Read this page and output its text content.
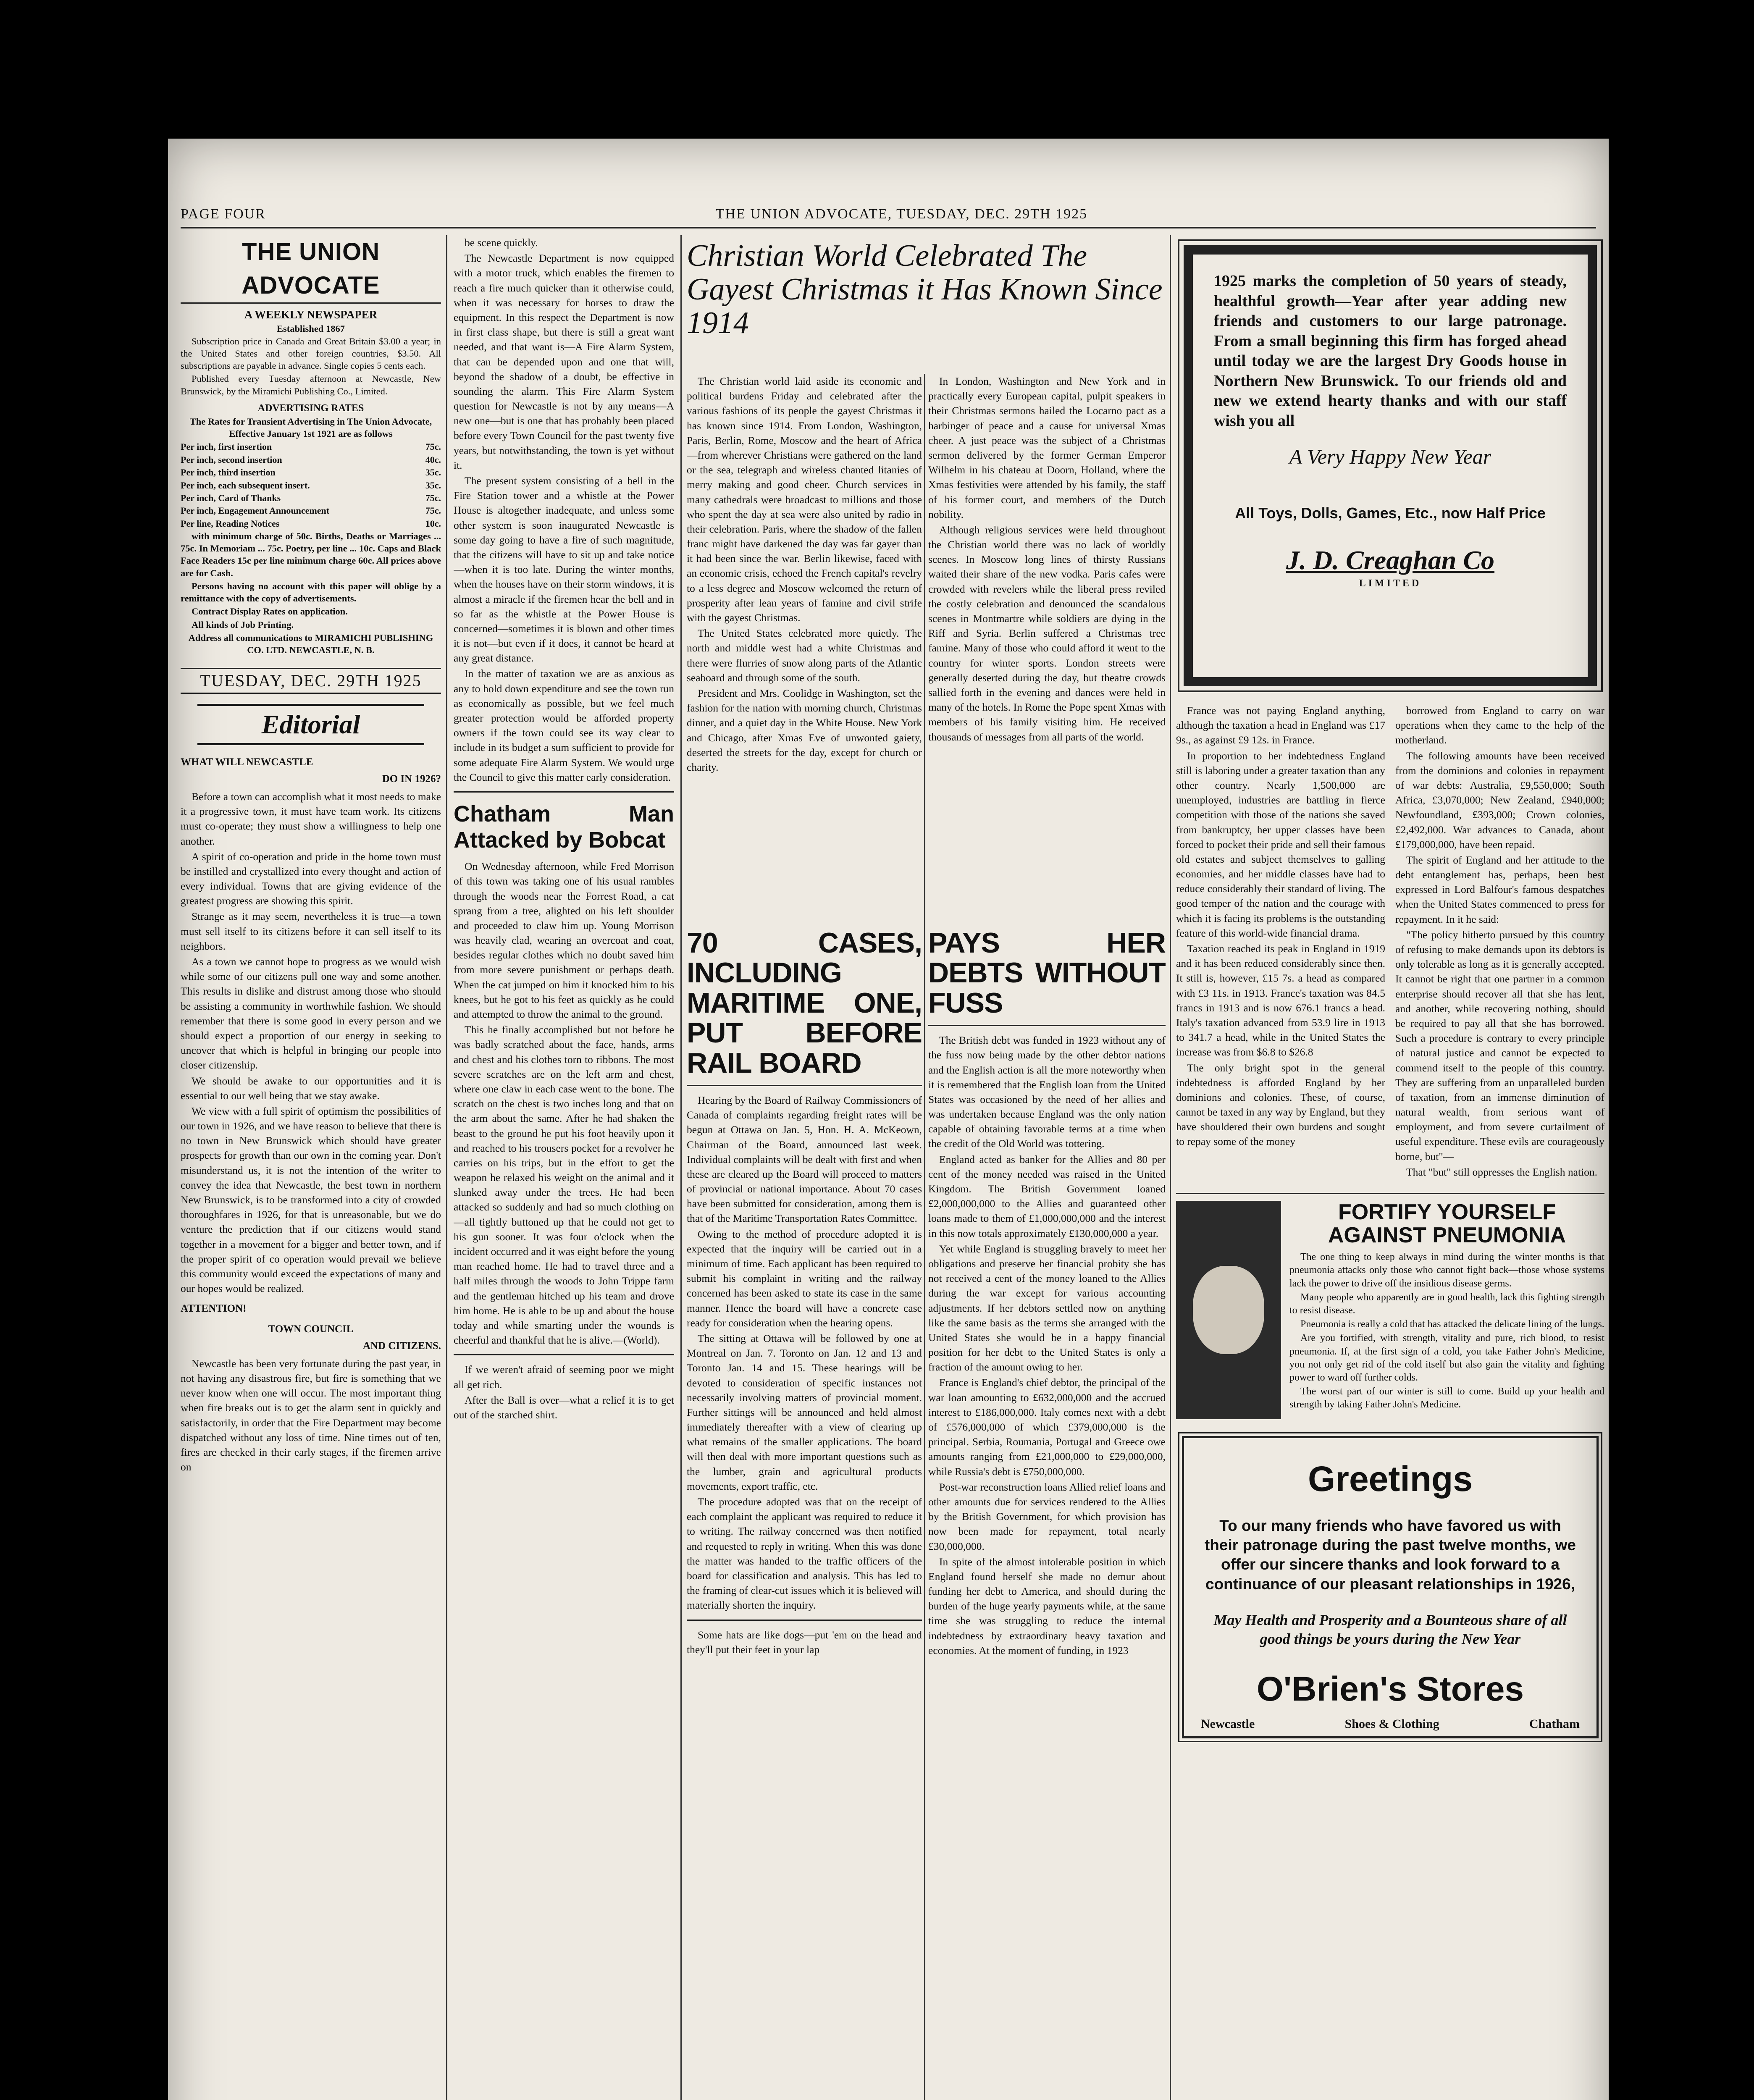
PAGE FOUR	THE UNION ADVOCATE, TUESDAY, DEC. 29TH 1925
THE UNION ADVOCATE
A WEEKLY NEWSPAPER
Established 1867

Subscription price in Canada and Great Britain $3.00 a year; in the United States and other foreign countries, $3.50. All subscriptions are payable in advance. Single copies 5 cents each.

Published every Tuesday afternoon at Newcastle, New Brunswick, by the Miramichi Publishing Co., Limited.

ADVERTISING RATES

The Rates for Transient Advertising in The Union Advocate, Effective January 1st 1921 are as follows

Per inch, first insertion	75c.
Per inch, second insertion	40c.
Per inch, third insertion	35c.
Per inch, each subsequent insert.	35c.
Per inch, Card of Thanks	75c.
Per inch, Engagement Announcement	75c.
Per line, Reading Notices	10c.

with minimum charge of 50c. Births, Deaths or Marriages ... 75c. In Memoriam ... 75c. Poetry, per line ... 10c. Caps and Black Face Readers 15c per line minimum charge 60c. All prices above are for Cash.

Persons having no account with this paper will oblige by a remittance with the copy of advertisements.

Contract Display Rates on application.

All kinds of Job Printing.

Address all communications to MIRAMICHI PUBLISHING CO. LTD. NEWCASTLE, N. B.

TUESDAY, DEC. 29TH 1925
Editorial
WHAT WILL NEWCASTLE
DO IN 1926?

Before a town can accomplish what it most needs to make it a progressive town, it must have team work. Its citizens must co-operate; they must show a willingness to help one another.

A spirit of co-operation and pride in the home town must be instilled and crystallized into every thought and action of every individual. Towns that are giving evidence of the greatest progress are showing this spirit.

Strange as it may seem, nevertheless it is true—a town must sell itself to its citizens before it can sell itself to its neighbors.

As a town we cannot hope to progress as we would wish while some of our citizens pull one way and some another. This results in dislike and distrust among those who should be assisting a community in worthwhile fashion. We should remember that there is some good in every person and we should expect a proportion of our energy in seeking to uncover that which is helpful in bringing our people into closer citizenship.

We should be awake to our opportunities and it is essential to our well being that we stay awake.

We view with a full spirit of optimism the possibilities of our town in 1926, and we have reason to believe that there is no town in New Brunswick which should have greater prospects for growth than our own in the coming year. Don't misunderstand us, it is not the intention of the writer to convey the idea that Newcastle, the best town in northern New Brunswick, is to be transformed into a city of crowded thoroughfares in 1926, for that is unreasonable, but we do venture the prediction that if our citizens would stand together in a movement for a bigger and better town, and if the proper spirit of co operation would prevail we believe this community would exceed the expectations of many and our hopes would be realized.

ATTENTION!
TOWN COUNCIL
AND CITIZENS.

Newcastle has been very fortunate during the past year, in not having any disastrous fire, but fire is something that we never know when one will occur. The most important thing when fire breaks out is to get the alarm sent in quickly and satisfactorily, in order that the Fire Department may become dispatched without any loss of time. Nine times out of ten, fires are checked in their early stages, if the firemen arrive on

be scene quickly.

The Newcastle Department is now equipped with a motor truck, which enables the firemen to reach a fire much quicker than it otherwise could, when it was necessary for horses to draw the equipment. In this respect the Department is now in first class shape, but there is still a great want needed, and that want is—A Fire Alarm System, that can be depended upon and one that will, beyond the shadow of a doubt, be effective in sounding the alarm. This Fire Alarm System question for Newcastle is not by any means—A new one—but is one that has probably been placed before every Town Council for the past twenty five years, but notwithstanding, the town is yet without it.

The present system consisting of a bell in the Fire Station tower and a whistle at the Power House is altogether inadequate, and unless some other system is soon inaugurated Newcastle is some day going to have a fire of such magnitude, that the citizens will have to sit up and take notice—when it is too late. During the winter months, when the houses have on their storm windows, it is almost a miracle if the firemen hear the bell and in so far as the whistle at the Power House is concerned—sometimes it is blown and other times it is not—but even if it does, it cannot be heard at any great distance.

In the matter of taxation we are as anxious as any to hold down expenditure and see the town run as economically as possible, but we feel much greater protection would be afforded property owners if the town could see its way clear to include in its budget a sum sufficient to provide for some adequate Fire Alarm System. We would urge the Council to give this matter early consideration.

Chatham Man Attacked by Bobcat

On Wednesday afternoon, while Fred Morrison of this town was taking one of his usual rambles through the woods near the Forrest Road, a cat sprang from a tree, alighted on his left shoulder and proceeded to claw him up. Young Morrison was heavily clad, wearing an overcoat and coat, besides regular clothes which no doubt saved him from more severe punishment or perhaps death. When the cat jumped on him it knocked him to his knees, but he got to his feet as quickly as he could and attempted to throw the animal to the ground.

This he finally accomplished but not before he was badly scratched about the face, hands, arms and chest and his clothes torn to ribbons. The most severe scratches are on the left arm and chest, where one claw in each case went to the bone. The scratch on the chest is two inches long and that on the arm about the same. After he had shaken the beast to the ground he put his foot heavily upon it and reached to his trousers pocket for a revolver he carries on his trips, but in the effort to get the weapon he relaxed his weight on the animal and it slunked away under the trees. He had been attacked so suddenly and had so much clothing on—all tightly buttoned up that he could not get to his gun sooner. It was four o'clock when the incident occurred and it was eight before the young man reached home. He had to travel three and a half miles through the woods to John Trippe farm and the gentleman hitched up his team and drove him home. He is able to be up and about the house today and while smarting under the wounds is cheerful and thankful that he is alive.—(World).

If we weren't afraid of seeming poor we might all get rich.

After the Ball is over—what a relief it is to get out of the starched shirt.

Christian World Celebrated The Gayest Christmas it Has Known Since 1914

The Christian world laid aside its economic and political burdens Friday and celebrated after the various fashions of its people the gayest Christmas it has known since 1914. From London, Washington, Paris, Berlin, Rome, Moscow and the heart of Africa—from wherever Christians were gathered on the land or the sea, telegraph and wireless chanted litanies of merry making and good cheer. Church services in many cathedrals were broadcast to millions and those who spent the day at sea were also united by radio in their celebration. Paris, where the shadow of the fallen franc might have darkened the day was far gayer than it had been since the war. Berlin likewise, faced with an economic crisis, echoed the French capital's revelry to a less degree and Moscow welcomed the return of prosperity after lean years of famine and civil strife with the gayest Christmas.

The United States celebrated more quietly. The north and middle west had a white Christmas and there were flurries of snow along parts of the Atlantic seaboard and through some of the south.

President and Mrs. Coolidge in Washington, set the fashion for the nation with morning church, Christmas dinner, and a quiet day in the White House. New York and Chicago, after Xmas Eve of unwonted gaiety, deserted the streets for the day, except for church or charity.

In London, Washington and New York and in practically every European capital, pulpit speakers in their Christmas sermons hailed the Locarno pact as a harbinger of peace and a cause for universal Xmas cheer. A just peace was the subject of a Christmas sermon delivered by the former German Emperor Wilhelm in his chateau at Doorn, Holland, where the Xmas festivities were attended by his family, the staff of his former court, and members of the Dutch nobility.

Although religious services were held throughout the Christian world there was no lack of worldly scenes. In Moscow long lines of thirsty Russians waited their share of the new vodka. Paris cafes were crowded with revelers while the liberal press reviled the costly celebration and denounced the scandalous scenes in Montmartre while soldiers are dying in the Riff and Syria. Berlin suffered a Christmas tree famine. Many of those who could afford it went to the country for winter sports. London streets were generally deserted during the day, but theatre crowds sallied forth in the evening and dances were held in many of the hotels. In Rome the Pope spent Xmas with members of his family visiting him. He received thousands of messages from all parts of the world.

70 CASES, INCLUDING MARITIME ONE, PUT BEFORE RAIL BOARD

Hearing by the Board of Railway Commissioners of Canada of complaints regarding freight rates will be begun at Ottawa on Jan. 5, Hon. H. A. McKeown, Chairman of the Board, announced last week. Individual complaints will be dealt with first and when these are cleared up the Board will proceed to matters of provincial or national importance. About 70 cases have been submitted for consideration, among them is that of the Maritime Transportation Rates Committee.

Owing to the method of procedure adopted it is expected that the inquiry will be carried out in a minimum of time. Each applicant has been required to submit his complaint in writing and the railway concerned has been asked to state its case in the same manner. Hence the board will have a concrete case ready for consideration when the hearing opens.

The sitting at Ottawa will be followed by one at Montreal on Jan. 7. Toronto on Jan. 12 and 13 and Toronto Jan. 14 and 15. These hearings will be devoted to consideration of specific instances not necessarily involving matters of provincial moment. Further sittings will be announced and held almost immediately thereafter with a view of clearing up what remains of the smaller applications. The board will then deal with more important questions such as the lumber, grain and agricultural products movements, export traffic, etc.

The procedure adopted was that on the receipt of each complaint the applicant was required to reduce it to writing. The railway concerned was then notified and requested to reply in writing. When this was done the matter was handed to the traffic officers of the board for classification and analysis. This has led to the framing of clear-cut issues which it is believed will materially shorten the inquiry.

Some hats are like dogs—put 'em on the head and they'll put their feet in your lap

PAYS HER DEBTS WITHOUT FUSS

The British debt was funded in 1923 without any of the fuss now being made by the other debtor nations and the English action is all the more noteworthy when it is remembered that the English loan from the United States was occasioned by the need of her allies and was undertaken because England was the only nation capable of obtaining favorable terms at a time when the credit of the Old World was tottering.

England acted as banker for the Allies and 80 per cent of the money needed was raised in the United Kingdom. The British Government loaned £2,000,000,000 to the Allies and guaranteed other loans made to them of £1,000,000,000 and the interest in this now totals approximately £130,000,000 a year.

Yet while England is struggling bravely to meet her obligations and preserve her financial probity she has not received a cent of the money loaned to the Allies during the war except for various accounting adjustments. If her debtors settled now on anything like the same basis as the terms she arranged with the United States she would be in a happy financial position for her debt to the United States is only a fraction of the amount owing to her.

France is England's chief debtor, the principal of the war loan amounting to £632,000,000 and the accrued interest to £186,000,000. Italy comes next with a debt of £576,000,000 of which £379,000,000 is the principal. Serbia, Roumania, Portugal and Greece owe amounts ranging from £21,000,000 to £29,000,000, while Russia's debt is £750,000,000.

Post-war reconstruction loans Allied relief loans and other amounts due for services rendered to the Allies by the British Government, for which provision has now been made for repayment, total nearly £30,000,000.

In spite of the almost intolerable position in which England found herself she made no demur about funding her debt to America, and should during the burden of the huge yearly payments while, at the same time she was struggling to reduce the internal indebtedness by extraordinary heavy taxation and economies. At the moment of funding, in 1923

1925 marks the completion of 50 years of steady, healthful growth—Year after year adding new friends and customers to our large patronage. From a small beginning this firm has forged ahead until today we are the largest Dry Goods house in Northern New Brunswick. To our friends old and new we extend hearty thanks and with our staff wish you all
A Very Happy New Year
All Toys, Dolls, Games, Etc., now Half Price
J. D. Creaghan Co
LIMITED

France was not paying England anything, although the taxation a head in England was £17 9s., as against £9 12s. in France.

In proportion to her indebtedness England still is laboring under a greater taxation than any other country. Nearly 1,500,000 are unemployed, industries are battling in fierce competition with those of the nations she saved from bankruptcy, her upper classes have been forced to pocket their pride and sell their famous old estates and subject themselves to galling economies, and her middle classes have had to reduce considerably their standard of living. The good temper of the nation and the courage with which it is facing its problems is the outstanding feature of this world-wide financial drama.

Taxation reached its peak in England in 1919 and it has been reduced considerably since then. It still is, however, £15 7s. a head as compared with £3 11s. in 1913. France's taxation was 84.5 francs in 1913 and is now 676.1 francs a head. Italy's taxation advanced from 53.9 lire in 1913 to 341.7 a head, while in the United States the increase was from $6.8 to $26.8

The only bright spot in the general indebtedness is afforded England by her dominions and colonies. These, of course, cannot be taxed in any way by England, but they have shouldered their own burdens and sought to repay some of the money

borrowed from England to carry on war operations when they came to the help of the motherland.

The following amounts have been received from the dominions and colonies in repayment of war debts: Australia, £9,550,000; South Africa, £3,070,000; New Zealand, £940,000; Newfoundland, £393,000; Crown colonies, £2,492,000. War advances to Canada, about £179,000,000, have been repaid.

The spirit of England and her attitude to the debt entanglement has, perhaps, been best expressed in Lord Balfour's famous despatches when the United States commenced to press for repayment. In it he said:

"The policy hitherto pursued by this country of refusing to make demands upon its debtors is only tolerable as long as it is generally accepted. It cannot be right that one partner in a common enterprise should recover all that she has lent, and another, while recovering nothing, should be required to pay all that she has borrowed. Such a procedure is contrary to every principle of natural justice and cannot be expected to commend itself to the people of this country. They are suffering from an unparalleled burden of taxation, from an immense diminution of natural wealth, from serious want of employment, and from severe curtailment of useful expenditure. These evils are courageously borne, but"—

That "but" still oppresses the English nation.

FORTIFY YOURSELF AGAINST PNEUMONIA

The one thing to keep always in mind during the winter months is that pneumonia attacks only those who cannot fight back—those whose systems lack the power to drive off the insidious disease germs.

Many people who apparently are in good health, lack this fighting strength to resist disease.

Pneumonia is really a cold that has attacked the delicate lining of the lungs.

Are you fortified, with strength, vitality and pure, rich blood, to resist pneumonia. If, at the first sign of a cold, you take Father John's Medicine, you not only get rid of the cold itself but also gain the vitality and fighting power to ward off further colds.

The worst part of our winter is still to come. Build up your health and strength by taking Father John's Medicine.

Greetings
To our many friends who have favored us with their patronage during the past twelve months, we offer our sincere thanks and look forward to a continuance of our pleasant relationships in 1926,
May Health and Prosperity and a Bounteous share of all good things be yours during the New Year
O'Brien's Stores
Newcastle	Shoes & Clothing	Chatham
